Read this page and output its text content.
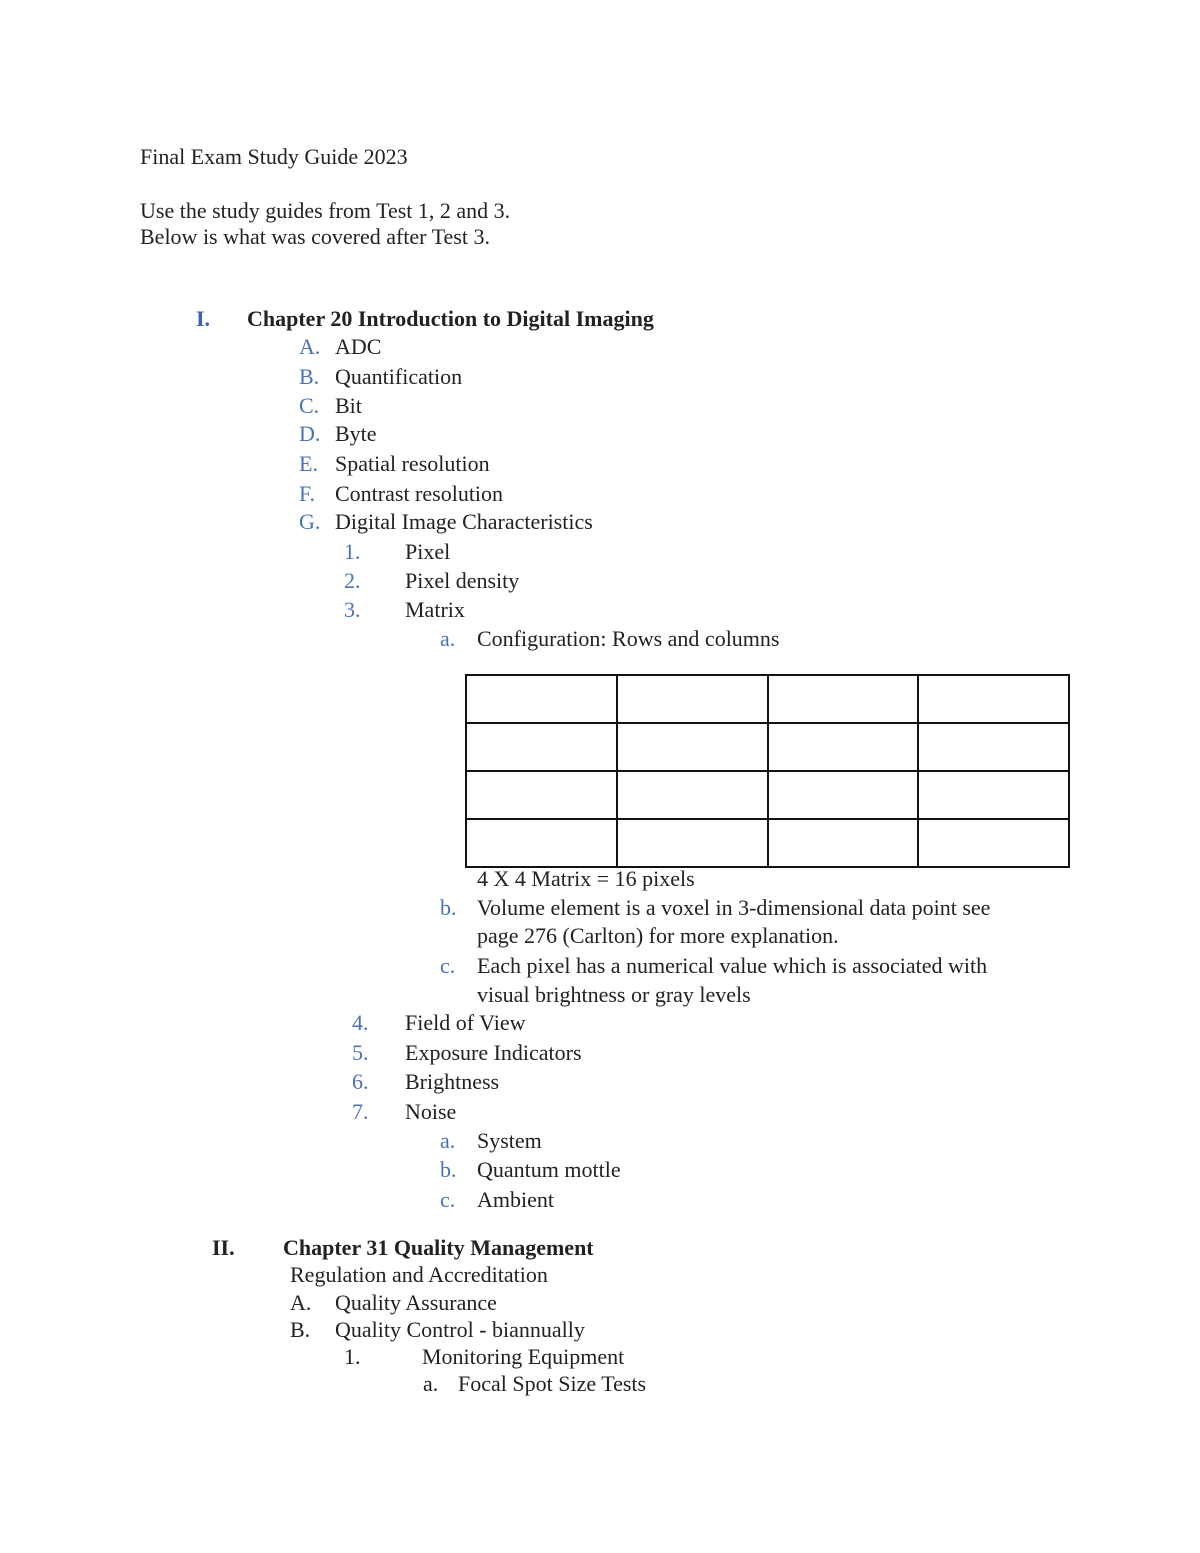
Final Exam Study Guide 2023
Use the study guides from Test 1, 2 and 3.
Below is what was covered after Test 3.
I. Chapter 20 Introduction to Digital Imaging
A. ADC
B. Quantification
C. Bit
D. Byte
E. Spatial resolution
F. Contrast resolution
G. Digital Image Characteristics
1. Pixel
2. Pixel density
3. Matrix
a. Configuration: Rows and columns

4 X 4 Matrix = 16 pixels
b. Volume element is a voxel in 3-dimensional data point see
page 276 (Carlton) for more explanation.
c. Each pixel has a numerical value which is associated with
visual brightness or gray levels
4. Field of View
5. Exposure Indicators
6. Brightness
7. Noise
a. System
b. Quantum mottle
c. Ambient
II. Chapter 31 Quality Management
Regulation and Accreditation
A. Quality Assurance
B. Quality Control - biannually
1.	Monitoring Equipment
a. Focal Spot Size Tests
